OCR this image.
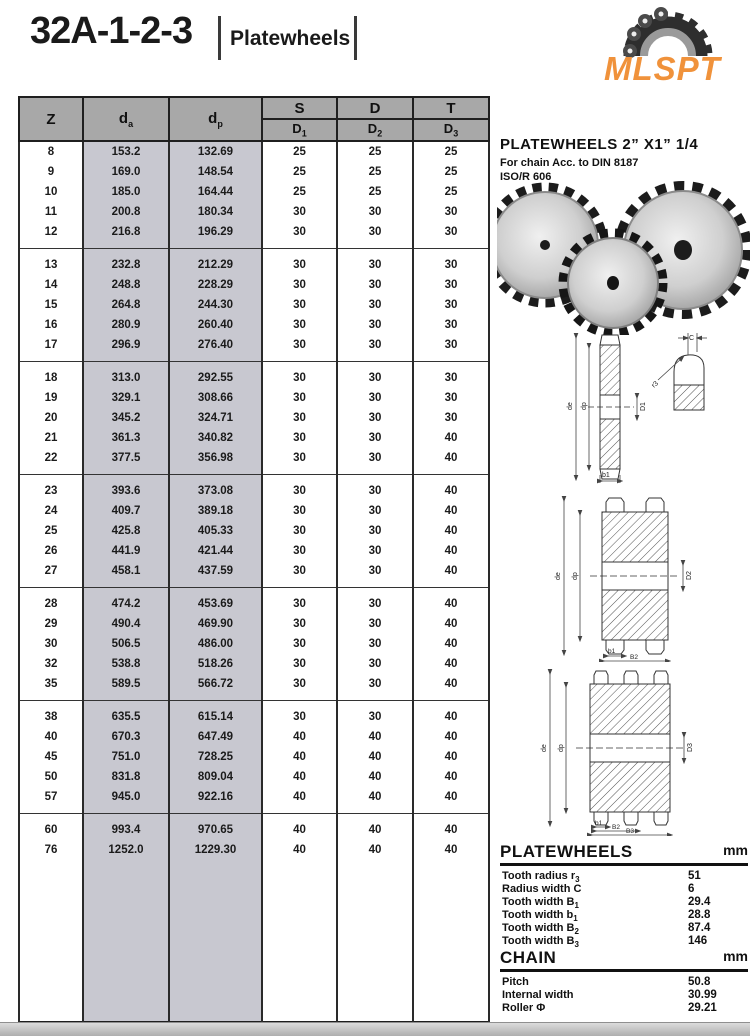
32A-1-2-3 Platewheels
MLSPT
Z	$d_a$	$d_p$	S	D	T
			$D_1$	$D_2$	$D_3$

8	153.2	132.69	25	25	25
9	169.0	148.54	25	25	25
10	185.0	164.44	25	25	25
11	200.8	180.34	30	30	30
12	216.8	196.29	30	30	30

13	232.8	212.29	30	30	30
14	248.8	228.29	30	30	30
15	264.8	244.30	30	30	30
16	280.9	260.40	30	30	30
17	296.9	276.40	30	30	30

18	313.0	292.55	30	30	30
19	329.1	308.66	30	30	30
20	345.2	324.71	30	30	30
21	361.3	340.82	30	30	40
22	377.5	356.98	30	30	40

23	393.6	373.08	30	30	40
24	409.7	389.18	30	30	40
25	425.8	405.33	30	30	40
26	441.9	421.44	30	30	40
27	458.1	437.59	30	30	40

28	474.2	453.69	30	30	40
29	490.4	469.90	30	30	40
30	506.5	486.00	30	30	40
32	538.8	518.26	30	30	40
35	589.5	566.72	30	30	40

38	635.5	615.14	30	30	40
40	670.3	647.49	40	40	40
45	751.0	728.25	40	40	40
50	831.8	809.04	40	40	40
57	945.0	922.16	40	40	40

60	993.4	970.65	40	40	40
76	1252.0	1229.30	40	40	40

PLATEWHEELS 2” X1” 1/4
For chain Acc. to DIN 8187
ISO/R 606
de dp	D1
b1
C
r3
de dp	D2
b1
B2
de dp	D3
b1
B2
B3
PLATEWHEELS	mm
Tooth radius $r_3$	51
Radius width C	6
Tooth width $B_1$	29.4
Tooth width $b_1$	28.8
Tooth width $B_2$	87.4
Tooth width $B_3$	146
CHAIN	mm
Pitch	50.8
Internal width	30.99
Roller Φ	29.21
